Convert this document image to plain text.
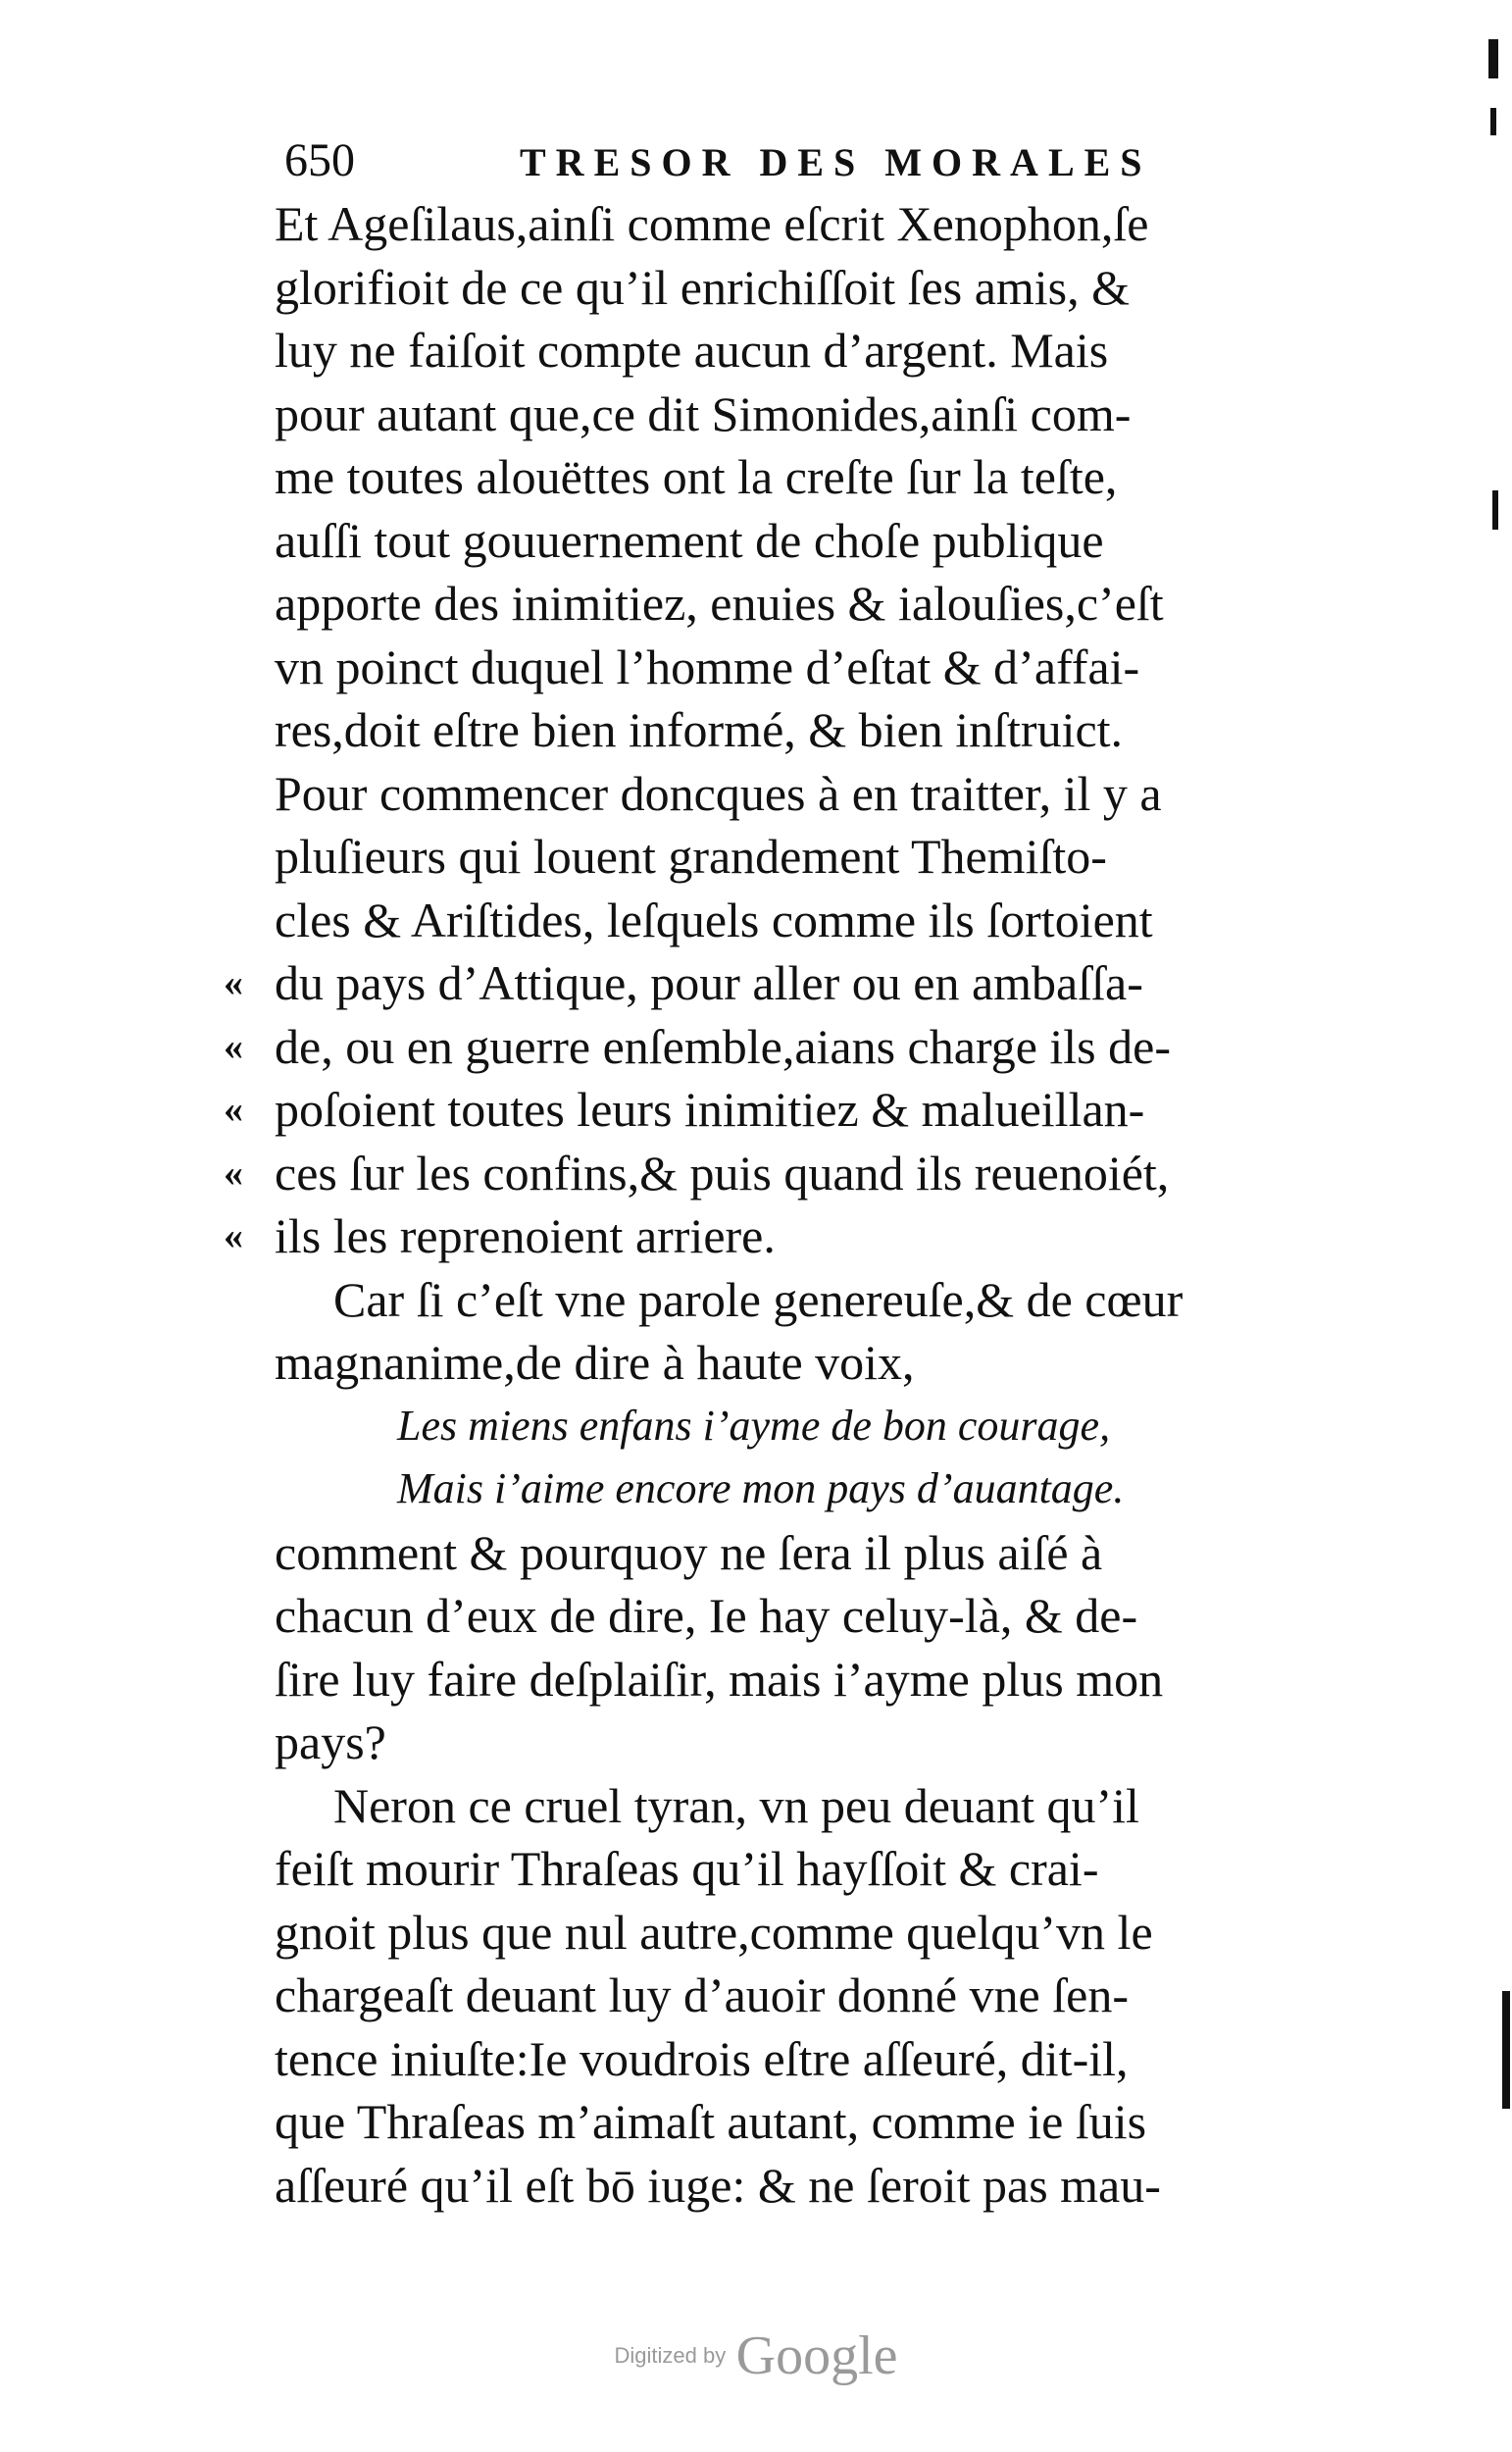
650	TRESOR DES MORALES
Et Ageſilaus,ainſi comme eſcrit Xenophon,ſe
glorifioit de ce qu’il enrichiſſoit ſes amis, &
luy ne faiſoit compte aucun d’argent. Mais
pour autant que,ce dit Simonides,ainſi com-
me toutes alouëttes ont la creſte ſur la teſte,
auſſi tout gouuernement de choſe publique
apporte des inimitiez, enuies & ialouſies,c’eſt
vn poinct duquel l’homme d’eſtat & d’affai-
res,doit eſtre bien informé, & bien inſtruict.
Pour commencer doncques à en traitter, il y a
pluſieurs qui louent grandement Themiſto-
cles & Ariſtides, leſquels comme ils ſortoient
« du pays d’Attique, pour aller ou en ambaſſa-
« de, ou en guerre enſemble,aians charge ils de-
« poſoient toutes leurs inimitiez & malueillan-
« ces ſur les confins,& puis quand ils reuenoiét,
« ils les reprenoient arriere.
Car ſi c’eſt vne parole genereuſe,& de cœur
magnanime,de dire à haute voix,
Les miens enfans i’ayme de bon courage,
Mais i’aime encore mon pays d’auantage.
comment & pourquoy ne ſera il plus aiſé à
chacun d’eux de dire, Ie hay celuy-là, & de-
ſire luy faire deſplaiſir, mais i’ayme plus mon
pays?
Neron ce cruel tyran, vn peu deuant qu’il
feiſt mourir Thraſeas qu’il hayſſoit & crai-
gnoit plus que nul autre,comme quelqu’vn le
chargeaſt deuant luy d’auoir donné vne ſen-
tence iniuſte:Ie voudrois eſtre aſſeuré, dit-il,
que Thraſeas m’aimaſt autant, comme ie ſuis
aſſeuré qu’il eſt bō iuge: & ne ſeroit pas mau-
Digitized by Google
